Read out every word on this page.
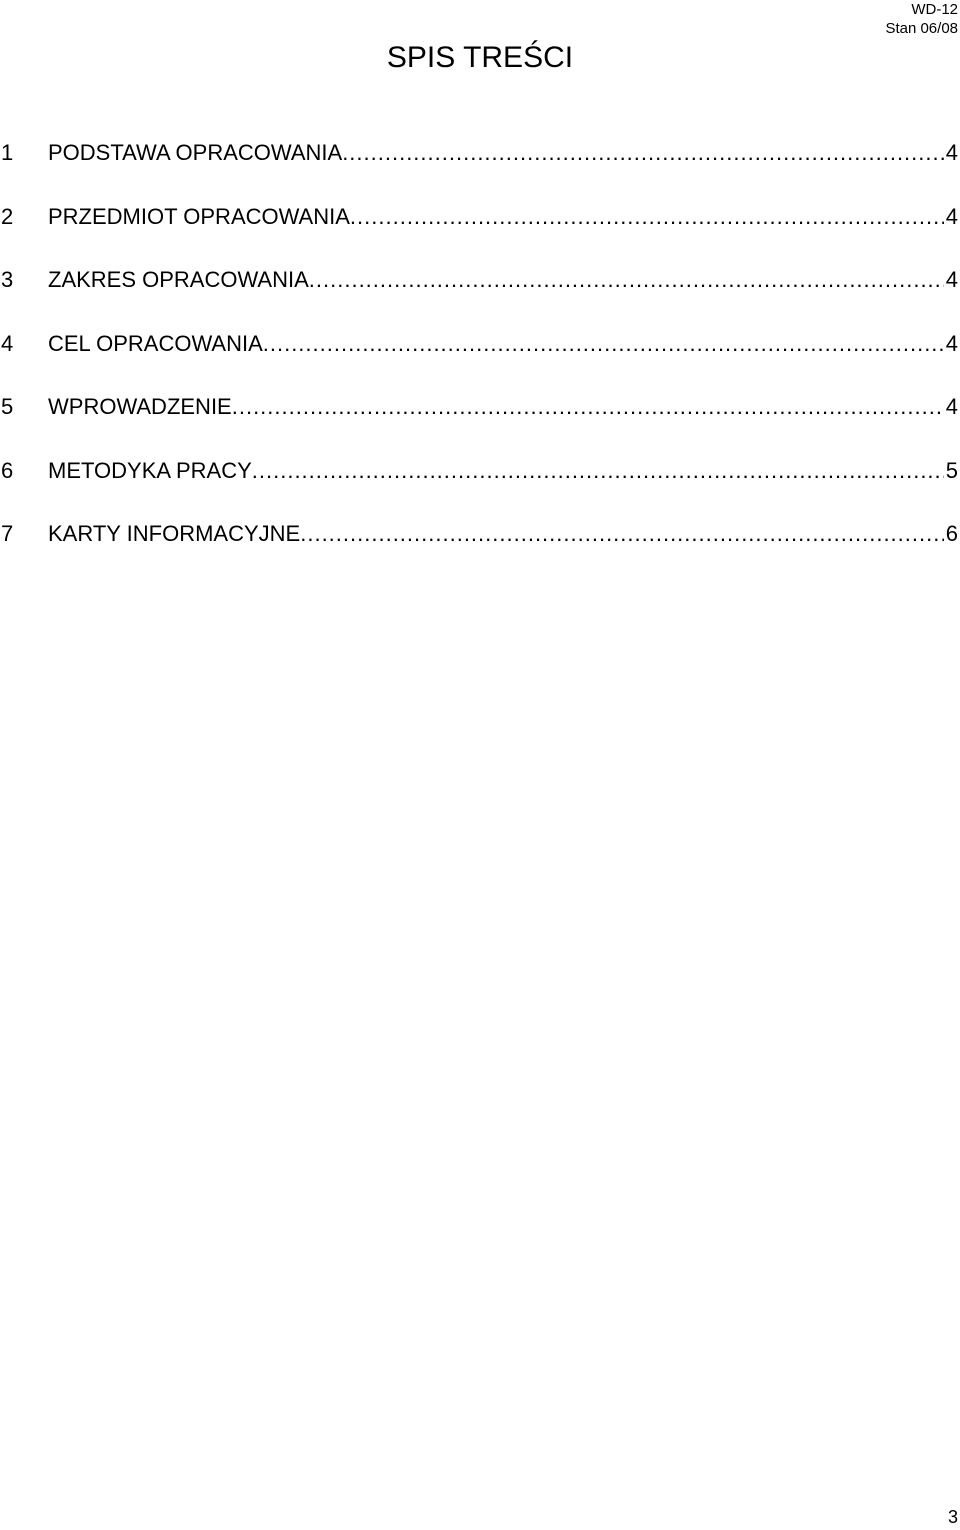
WD-12
Stan 06/08
SPIS TREŚCI
1 PODSTAWA OPRACOWANIA .....	4
2 PRZEDMIOT OPRACOWANIA .....	4
3 ZAKRES OPRACOWANIA .....	4
4 CEL OPRACOWANIA .....	4
5 WPROWADZENIE .....	4
6 METODYKA PRACY .....	5
7 KARTY INFORMACYJNE .....	6
3
